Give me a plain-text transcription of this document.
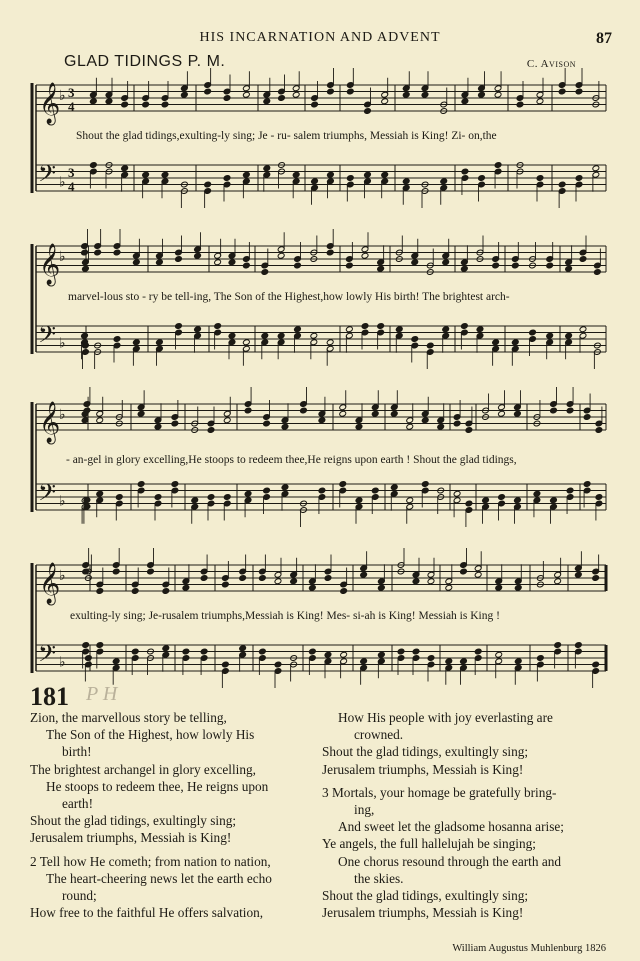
HIS INCARNATION AND ADVENT	87
GLAD TIDINGS P. M.	C. Avison
𝄞
𝄢
♭
♭
3
4
3
4
𝄞
𝄢
♭
♭
𝄞
𝄢
♭
♭
𝄞
𝄢
♭
♭
Shout the glad tidings,exulting-ly sing; Je - ru- salem triumphs, Messiah is King! Zi- on,the
marvel-lous sto - ry be tell-ing, The Son of the Highest,how lowly His birth! The brightest arch-
- an-gel in glory excelling,He stoops to redeem thee,He reigns upon earth ! Shout the glad tidings,
exulting-ly sing; Je-rusalem triumphs,Messiah is King! Mes- si-ah is King! Messiah is King !
181 P H
Zion, the marvellous story be telling,
The Son of the Highest, how lowly His
birth!
The brightest archangel in glory excelling,
He stoops to redeem thee, He reigns upon
earth!
Shout the glad tidings, exultingly sing;
Jerusalem triumphs, Messiah is King!

2 Tell how He cometh; from nation to nation,
The heart-cheering news let the earth echo
round;
How free to the faithful He offers salvation,
How His people with joy everlasting are
crowned.
Shout the glad tidings, exultingly sing;
Jerusalem triumphs, Messiah is King!

3 Mortals, your homage be gratefully bring-
ing,
And sweet let the gladsome hosanna arise;
Ye angels, the full hallelujah be singing;
One chorus resound through the earth and
the skies.
Shout the glad tidings, exultingly sing;
Jerusalem triumphs, Messiah is King!
William Augustus Muhlenburg 1826
